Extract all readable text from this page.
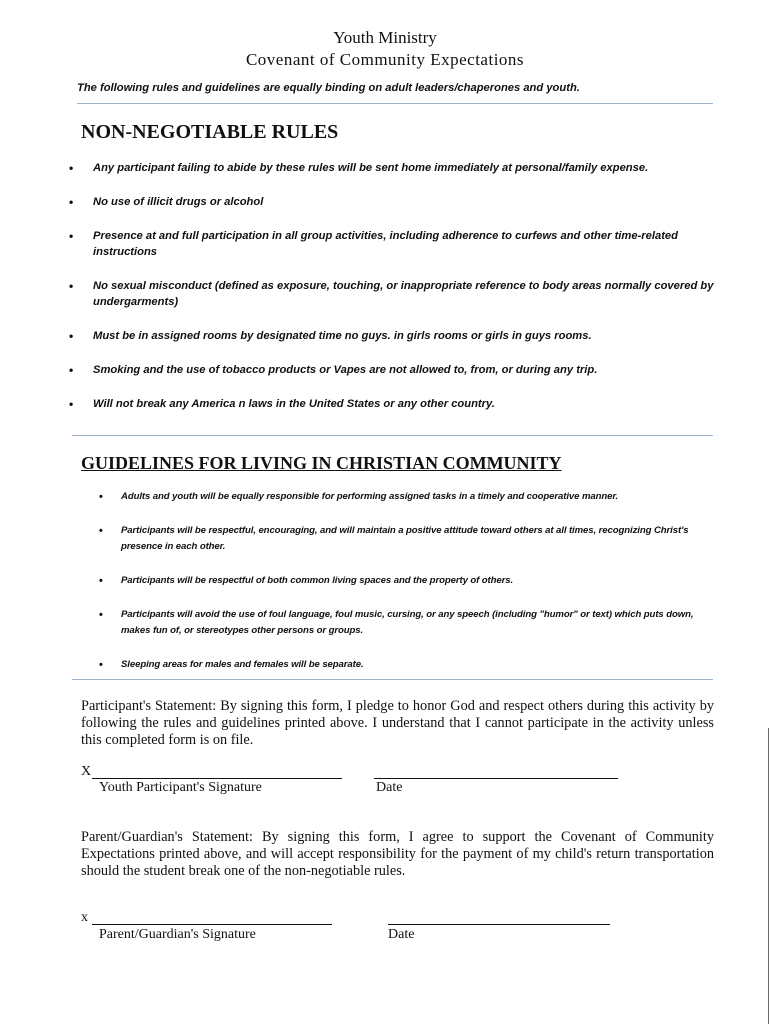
Youth Ministry
Covenant of Community Expectations
The following rules and guidelines are equally binding on adult leaders/chaperones and youth.
NON-NEGOTIABLE RULES
• Any participant failing to abide by these rules will be sent home immediately at personal/family expense.
• No use of illicit drugs or alcohol
• Presence at and full participation in all group activities, including adherence to curfews and other time-related instructions
• No sexual misconduct (defined as exposure, touching, or inappropriate reference to body areas normally covered by undergarments)
• Must be in assigned rooms by designated time no guys. in girls rooms or girls in guys rooms.
• Smoking and the use of tobacco products or Vapes are not allowed to, from, or during any trip.
• Will not break any America n laws in the United States or any other country.
GUIDELINES FOR LIVING IN CHRISTIAN COMMUNITY
• Adults and youth will be equally responsible for performing assigned tasks in a timely and cooperative manner.
• Participants will be respectful, encouraging, and will maintain a positive attitude toward others at all times, recognizing Christ's presence in each other.
• Participants will be respectful of both common living spaces and the property of others.
• Participants will avoid the use of foul language, foul music, cursing, or any speech (including "humor" or text) which puts down, makes fun of, or stereotypes other persons or groups.
• Sleeping areas for males and females will be separate.
Participant's Statement: By signing this form, I pledge to honor God and respect others during this activity by following the rules and guidelines printed above. I understand that I cannot participate in the activity unless this completed form is on file.
X
Youth Participant's Signature	Date
Parent/Guardian's Statement: By signing this form, I agree to support the Covenant of Community Expectations printed above, and will accept responsibility for the payment of my child's return transportation should the student break one of the non-negotiable rules.
x
Parent/Guardian's Signature	Date
